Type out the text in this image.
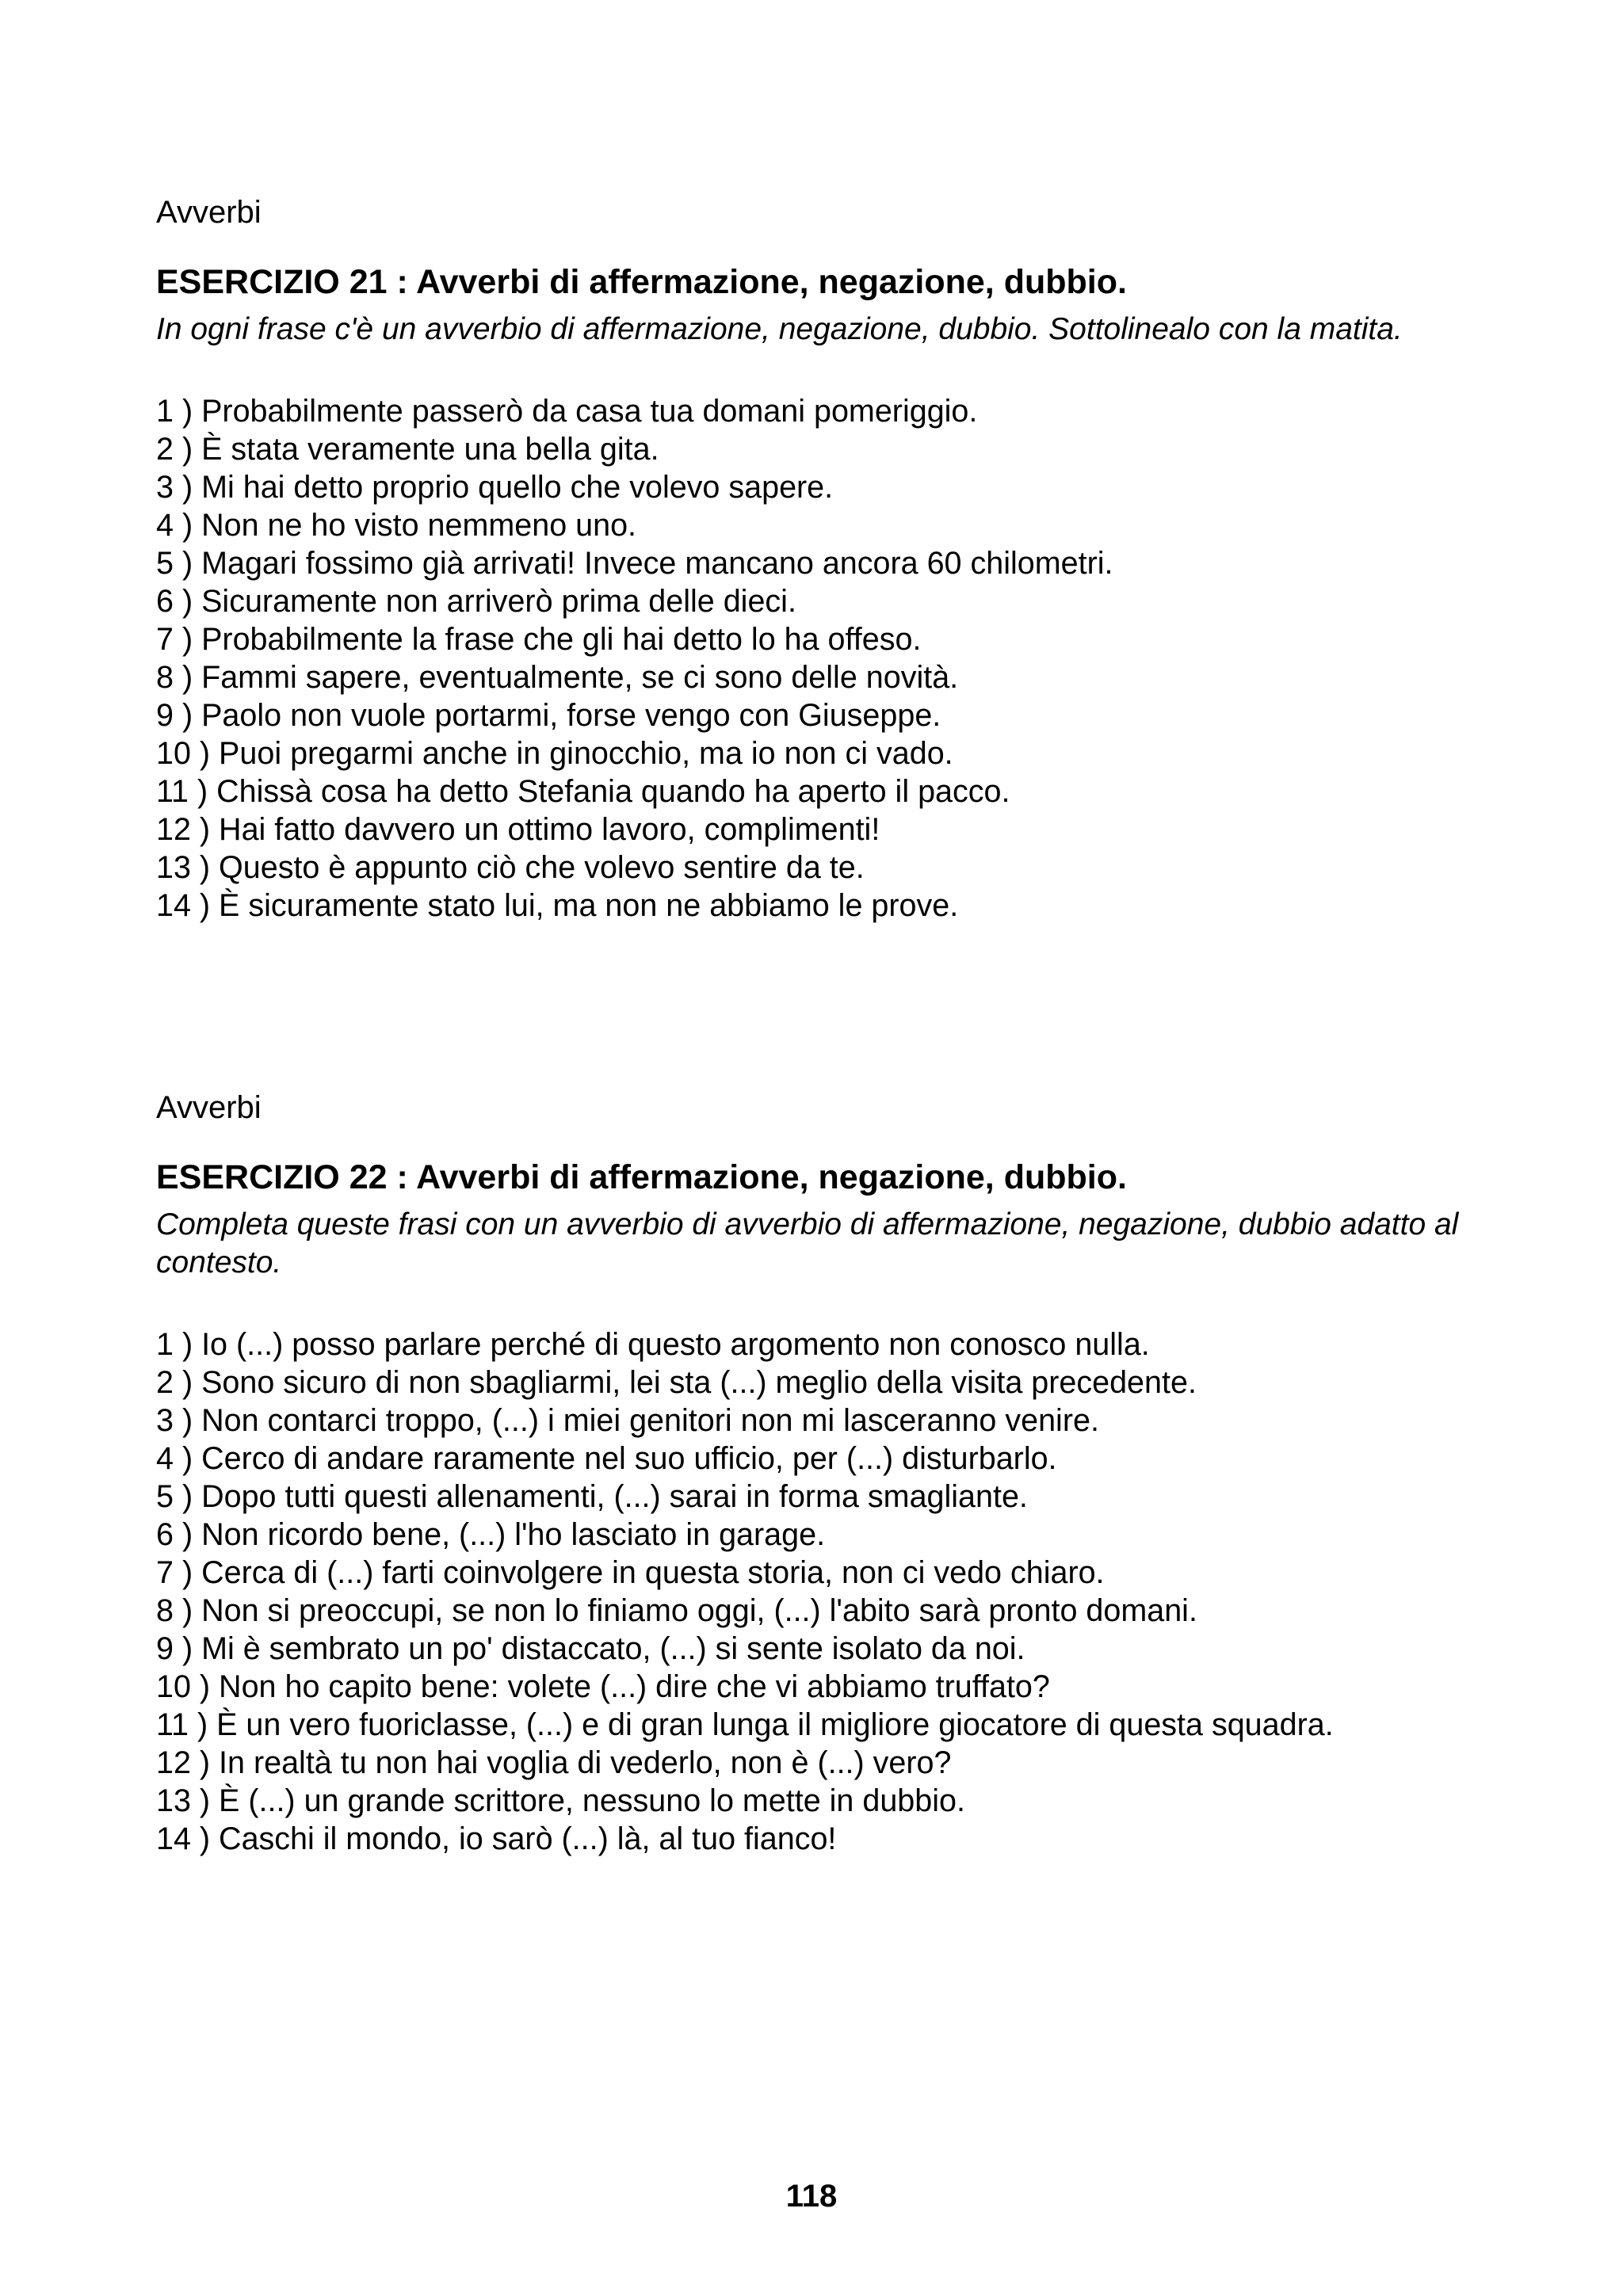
Avverbi

ESERCIZIO 21 : Avverbi di affermazione, negazione, dubbio.

In ogni frase c'è un avverbio di affermazione, negazione, dubbio. Sottolinealo con la matita.

1 ) Probabilmente passerò da casa tua domani pomeriggio.
2 ) È stata veramente una bella gita.
3 ) Mi hai detto proprio quello che volevo sapere.
4 ) Non ne ho visto nemmeno uno.
5 ) Magari fossimo già arrivati! Invece mancano ancora 60 chilometri.
6 ) Sicuramente non arriverò prima delle dieci.
7 ) Probabilmente la frase che gli hai detto lo ha offeso.
8 ) Fammi sapere, eventualmente, se ci sono delle novità.
9 ) Paolo non vuole portarmi, forse vengo con Giuseppe.
10 ) Puoi pregarmi anche in ginocchio, ma io non ci vado.
11 ) Chissà cosa ha detto Stefania quando ha aperto il pacco.
12 ) Hai fatto davvero un ottimo lavoro, complimenti!
13 ) Questo è appunto ciò che volevo sentire da te.
14 ) È sicuramente stato lui, ma non ne abbiamo le prove.

Avverbi

ESERCIZIO 22 : Avverbi di affermazione, negazione, dubbio.

Completa queste frasi con un avverbio di avverbio di affermazione, negazione, dubbio adatto al contesto.

1 ) Io (...) posso parlare perché di questo argomento non conosco nulla.
2 ) Sono sicuro di non sbagliarmi, lei sta (...) meglio della visita precedente.
3 ) Non contarci troppo, (...) i miei genitori non mi lasceranno venire.
4 ) Cerco di andare raramente nel suo ufficio, per (...) disturbarlo.
5 ) Dopo tutti questi allenamenti, (...) sarai in forma smagliante.
6 ) Non ricordo bene, (...) l'ho lasciato in garage.
7 ) Cerca di (...) farti coinvolgere in questa storia, non ci vedo chiaro.
8 ) Non si preoccupi, se non lo finiamo oggi, (...) l'abito sarà pronto domani.
9 ) Mi è sembrato un po' distaccato, (...) si sente isolato da noi.
10 ) Non ho capito bene: volete (...) dire che vi abbiamo truffato?
11 ) È un vero fuoriclasse, (...) e di gran lunga il migliore giocatore di questa squadra.
12 ) In realtà tu non hai voglia di vederlo, non è (...) vero?
13 ) È (...) un grande scrittore, nessuno lo mette in dubbio.
14 ) Caschi il mondo, io sarò (...) là, al tuo fianco!
118
